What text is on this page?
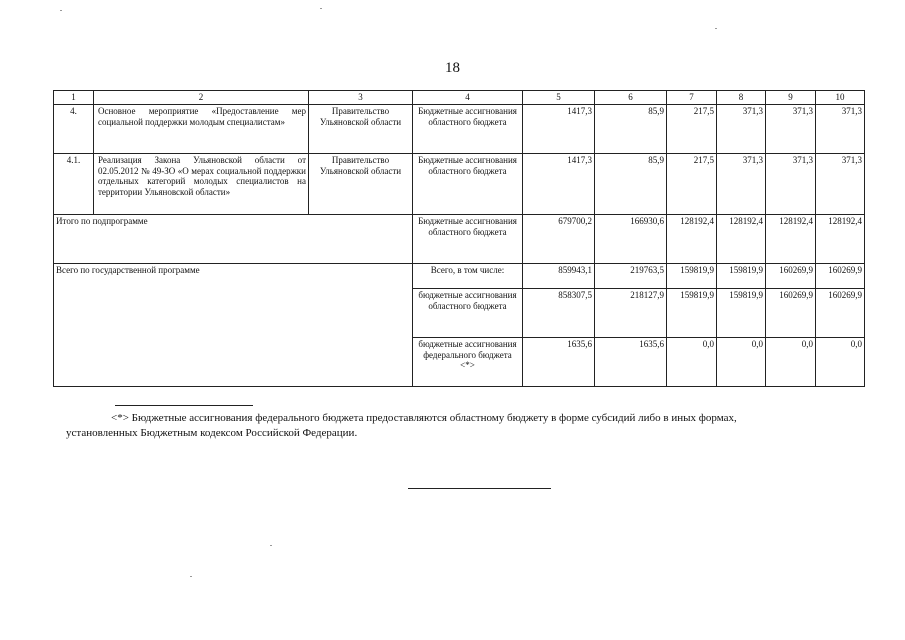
18
1	2	3	4	5	6	7	8	9	10
4.	Основное мероприятие «Предоставление мер социальной поддержки молодым специалистам»	Правительство Ульяновской области	Бюджетные ассигнования областного бюджета	1417,3	85,9	217,5	371,3	371,3	371,3
4.1.	Реализация Закона Ульяновской области от 02.05.2012 № 49-ЗО «О мерах социальной поддержки отдельных категорий молодых специалистов на территории Ульяновской области»	Правительство Ульяновской области	Бюджетные ассигнования областного бюджета	1417,3	85,9	217,5	371,3	371,3	371,3
Итого по подпрограмме			Бюджетные ассигнования областного бюджета	679700,2	166930,6	128192,4	128192,4	128192,4	128192,4
Всего по государственной программе			Всего, в том числе:	859943,1	219763,5	159819,9	159819,9	160269,9	160269,9
			бюджетные ассигнования областного бюджета	858307,5	218127,9	159819,9	159819,9	160269,9	160269,9
			бюджетные ассигнования федерального бюджета <*>	1635,6	1635,6	0,0	0,0	0,0	0,0
<*> Бюджетные ассигнования федерального бюджета предоставляются областному бюджету в форме субсидий либо в иных формах,
установленных Бюджетным кодексом Российской Федерации.
